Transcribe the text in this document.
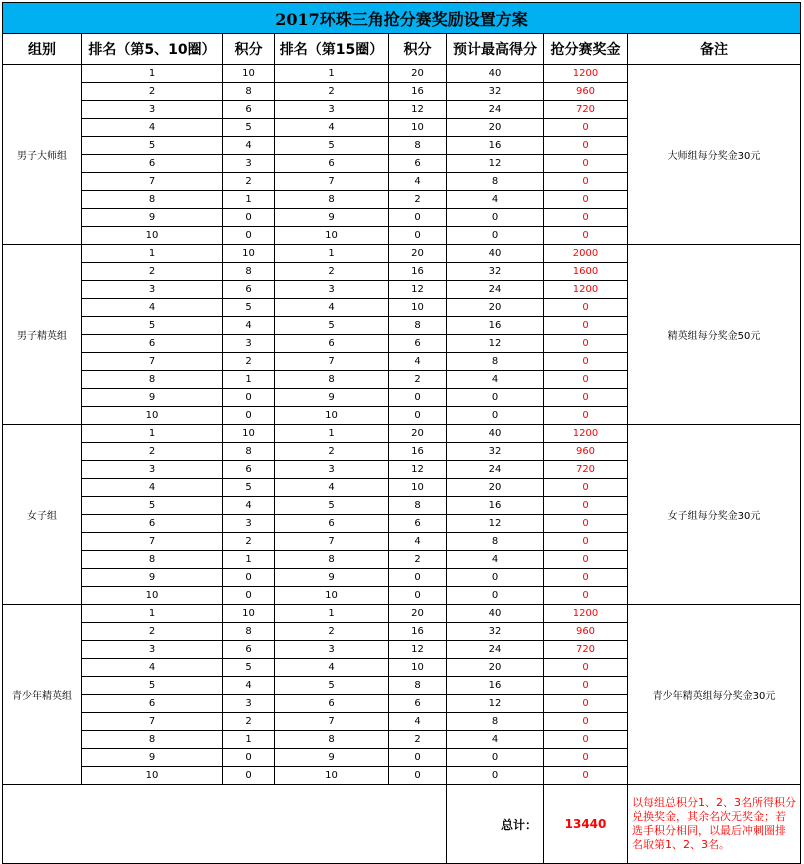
2017环珠三角抢分赛奖励设置方案							
组别	排名（第5、10圈）	积分	排名（第15圈）	积分	预计最高得分	抢分赛奖金	备注
男子大师组	1	10	1	20	40	1200	大师组每分奖金30元
	2	8	2	16	32	960	
	3	6	3	12	24	720	
	4	5	4	10	20	0	
	5	4	5	8	16	0	
	6	3	6	6	12	0	
	7	2	7	4	8	0	
	8	1	8	2	4	0	
	9	0	9	0	0	0	
	10	0	10	0	0	0	
男子精英组	1	10	1	20	40	2000	精英组每分奖金50元
	2	8	2	16	32	1600	
	3	6	3	12	24	1200	
	4	5	4	10	20	0	
	5	4	5	8	16	0	
	6	3	6	6	12	0	
	7	2	7	4	8	0	
	8	1	8	2	4	0	
	9	0	9	0	0	0	
	10	0	10	0	0	0	
女子组	1	10	1	20	40	1200	女子组每分奖金30元
	2	8	2	16	32	960	
	3	6	3	12	24	720	
	4	5	4	10	20	0	
	5	4	5	8	16	0	
	6	3	6	6	12	0	
	7	2	7	4	8	0	
	8	1	8	2	4	0	
	9	0	9	0	0	0	
	10	0	10	0	0	0	
青少年精英组	1	10	1	20	40	1200	青少年精英组每分奖金30元
	2	8	2	16	32	960	
	3	6	3	12	24	720	
	4	5	4	10	20	0	
	5	4	5	8	16	0	
	6	3	6	6	12	0	
	7	2	7	4	8	0	
	8	1	8	2	4	0	
	9	0	9	0	0	0	
	10	0	10	0	0	0	
					总计：	13440	以每组总积分1、2、3名所得积分兑换奖金，其余名次无奖金；若选手积分相同，以最后冲刺圈排名取第1、2、3名。
